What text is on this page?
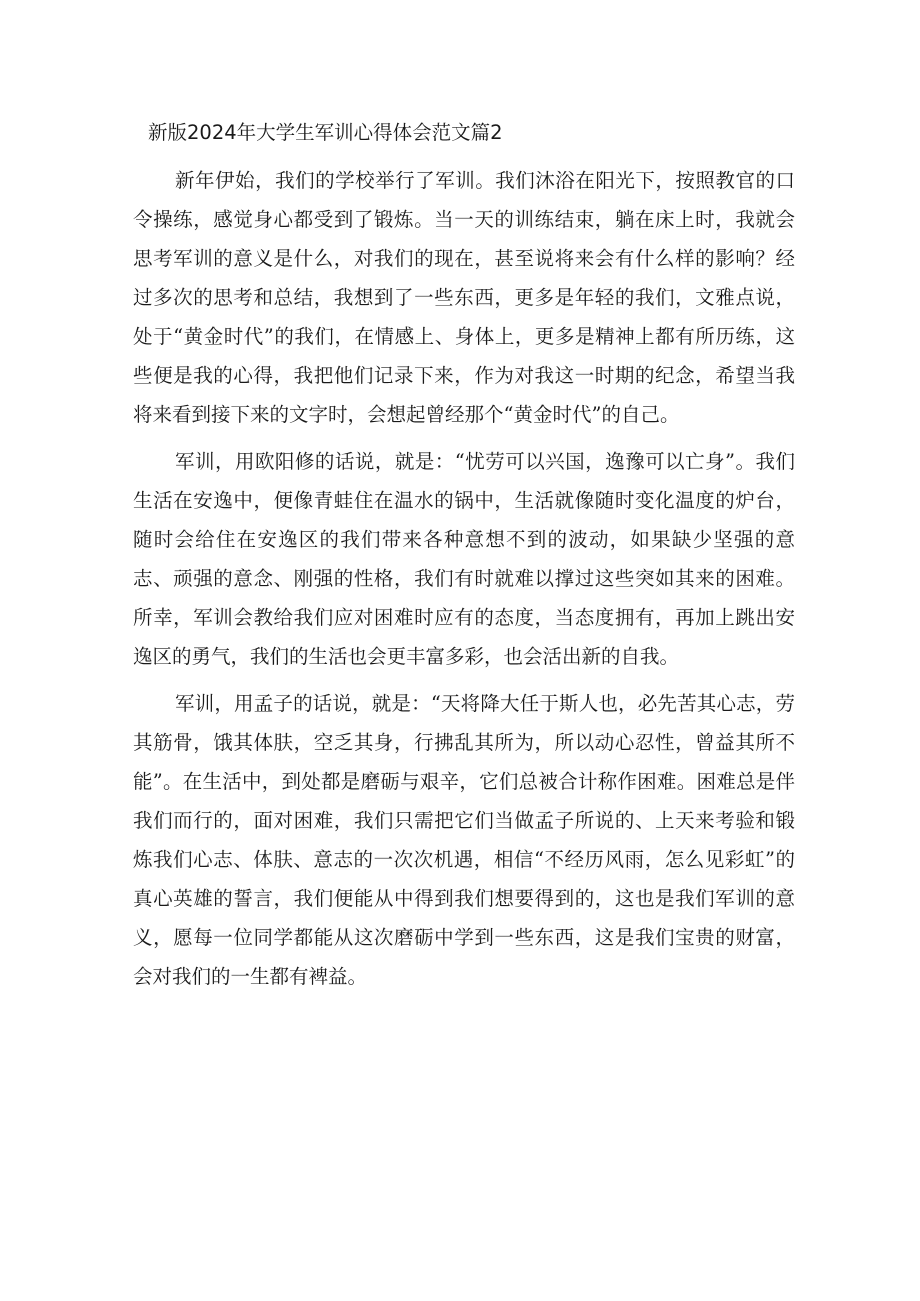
新版2024年大学生军训心得体会范文篇2

新年伊始，我们的学校举行了军训。我们沐浴在阳光下，按照教官的口令操练，感觉身心都受到了锻炼。当一天的训练结束，躺在床上时，我就会思考军训的意义是什么，对我们的现在，甚至说将来会有什么样的影响？经过多次的思考和总结，我想到了一些东西，更多是年轻的我们，文雅点说，处于“黄金时代”的我们，在情感上、身体上，更多是精神上都有所历练，这些便是我的心得，我把他们记录下来，作为对我这一时期的纪念，希望当我将来看到接下来的文字时，会想起曾经那个“黄金时代”的自己。

军训，用欧阳修的话说，就是：“忧劳可以兴国，逸豫可以亡身”。我们生活在安逸中，便像青蛙住在温水的锅中，生活就像随时变化温度的炉台，随时会给住在安逸区的我们带来各种意想不到的波动，如果缺少坚强的意志、顽强的意念、刚强的性格，我们有时就难以撑过这些突如其来的困难。所幸，军训会教给我们应对困难时应有的态度，当态度拥有，再加上跳出安逸区的勇气，我们的生活也会更丰富多彩，也会活出新的自我。

军训，用孟子的话说，就是：“天将降大任于斯人也，必先苦其心志，劳其筋骨，饿其体肤，空乏其身，行拂乱其所为，所以动心忍性，曾益其所不能”。在生活中，到处都是磨砺与艰辛，它们总被合计称作困难。困难总是伴我们而行的，面对困难，我们只需把它们当做孟子所说的、上天来考验和锻炼我们心志、体肤、意志的一次次机遇，相信“不经历风雨，怎么见彩虹”的真心英雄的誓言，我们便能从中得到我们想要得到的，这也是我们军训的意义，愿每一位同学都能从这次磨砺中学到一些东西，这是我们宝贵的财富，会对我们的一生都有裨益。
